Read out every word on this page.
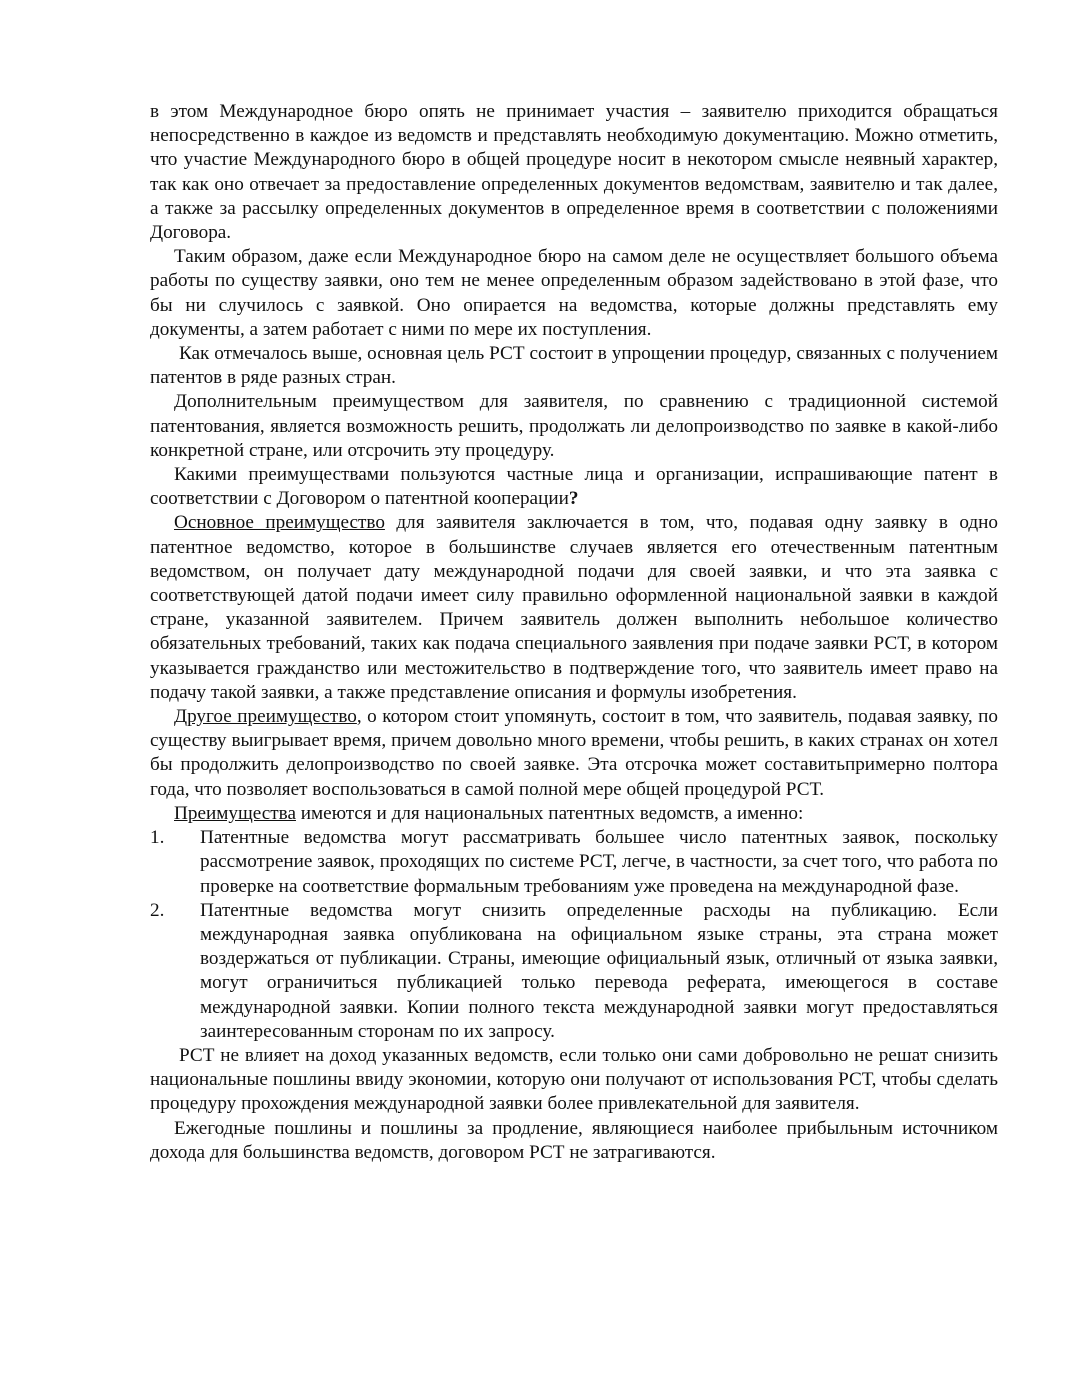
в этом Международное бюро опять не принимает участия – заявителю приходится обращаться непосредственно в каждое из ведомств и представлять необходимую документацию. Можно отметить, что участие Международного бюро в общей процедуре носит в некотором смысле неявный характер, так как оно отвечает за предоставление определенных документов ведомствам, заявителю и так далее, а также за рассылку определенных документов в определенное время в соответствии с положениями Договора.

Таким образом, даже если Международное бюро на самом деле не осуществляет большого объема работы по существу заявки, оно тем не менее определенным образом задействовано в этой фазе, что бы ни случилось с заявкой. Оно опирается на ведомства, которые должны представлять ему документы, а затем работает с ними по мере их поступления.

Как отмечалось выше, основная цель РСТ состоит в упрощении процедур, связанных с получением патентов в ряде разных стран.

Дополнительным преимуществом для заявителя, по сравнению с традиционной системой патентования, является возможность решить, продолжать ли делопроизводство по заявке в какой-либо конкретной стране, или отсрочить эту процедуру.

Какими преимуществами пользуются частные лица и организации, испрашивающие патент в соответствии с Договором о патентной кооперации?

Основное преимущество для заявителя заключается в том, что, подавая одну заявку в одно патентное ведомство, которое в большинстве случаев является его отечественным патентным ведомством, он получает дату международной подачи для своей заявки, и что эта заявка с соответствующей датой подачи имеет силу правильно оформленной национальной заявки в каждой стране, указанной заявителем. Причем заявитель должен выполнить небольшое количество обязательных требований, таких как подача специального заявления при подаче заявки РСТ, в котором указывается гражданство или местожительство в подтверждение того, что заявитель имеет право на подачу такой заявки, а также представление описания и формулы изобретения.

Другое преимущество, о котором стоит упомянуть, состоит в том, что заявитель, подавая заявку, по существу выигрывает время, причем довольно много времени, чтобы решить, в каких странах он хотел бы продолжить делопроизводство по своей заявке. Эта отсрочка может составитьпримерно полтора года, что позволяет воспользоваться в самой полной мере общей процедурой РСТ.

Преимущества имеются и для национальных патентных ведомств, а именно:

1.	Патентные ведомства могут рассматривать большее число патентных заявок, поскольку рассмотрение заявок, проходящих по системе РСТ, легче, в частности, за счет того, что работа по проверке на соответствие формальным требованиям уже проведена на международной фазе.
2.	Патентные ведомства могут снизить определенные расходы на публикацию. Если международная заявка опубликована на официальном языке страны, эта страна может воздержаться от публикации. Страны, имеющие официальный язык, отличный от языка заявки, могут ограничиться публикацией только перевода реферата, имеющегося в составе международной заявки. Копии полного текста международной заявки могут предоставляться заинтересованным сторонам по их запросу.

РСТ не влияет на доход указанных ведомств, если только они сами добровольно не решат снизить национальные пошлины ввиду экономии, которую они получают от использования РСТ, чтобы сделать процедуру прохождения международной заявки более привлекательной для заявителя.

Ежегодные пошлины и пошлины за продление, являющиеся наиболее прибыльным источником дохода для большинства ведомств, договором РСТ не затрагиваются.
